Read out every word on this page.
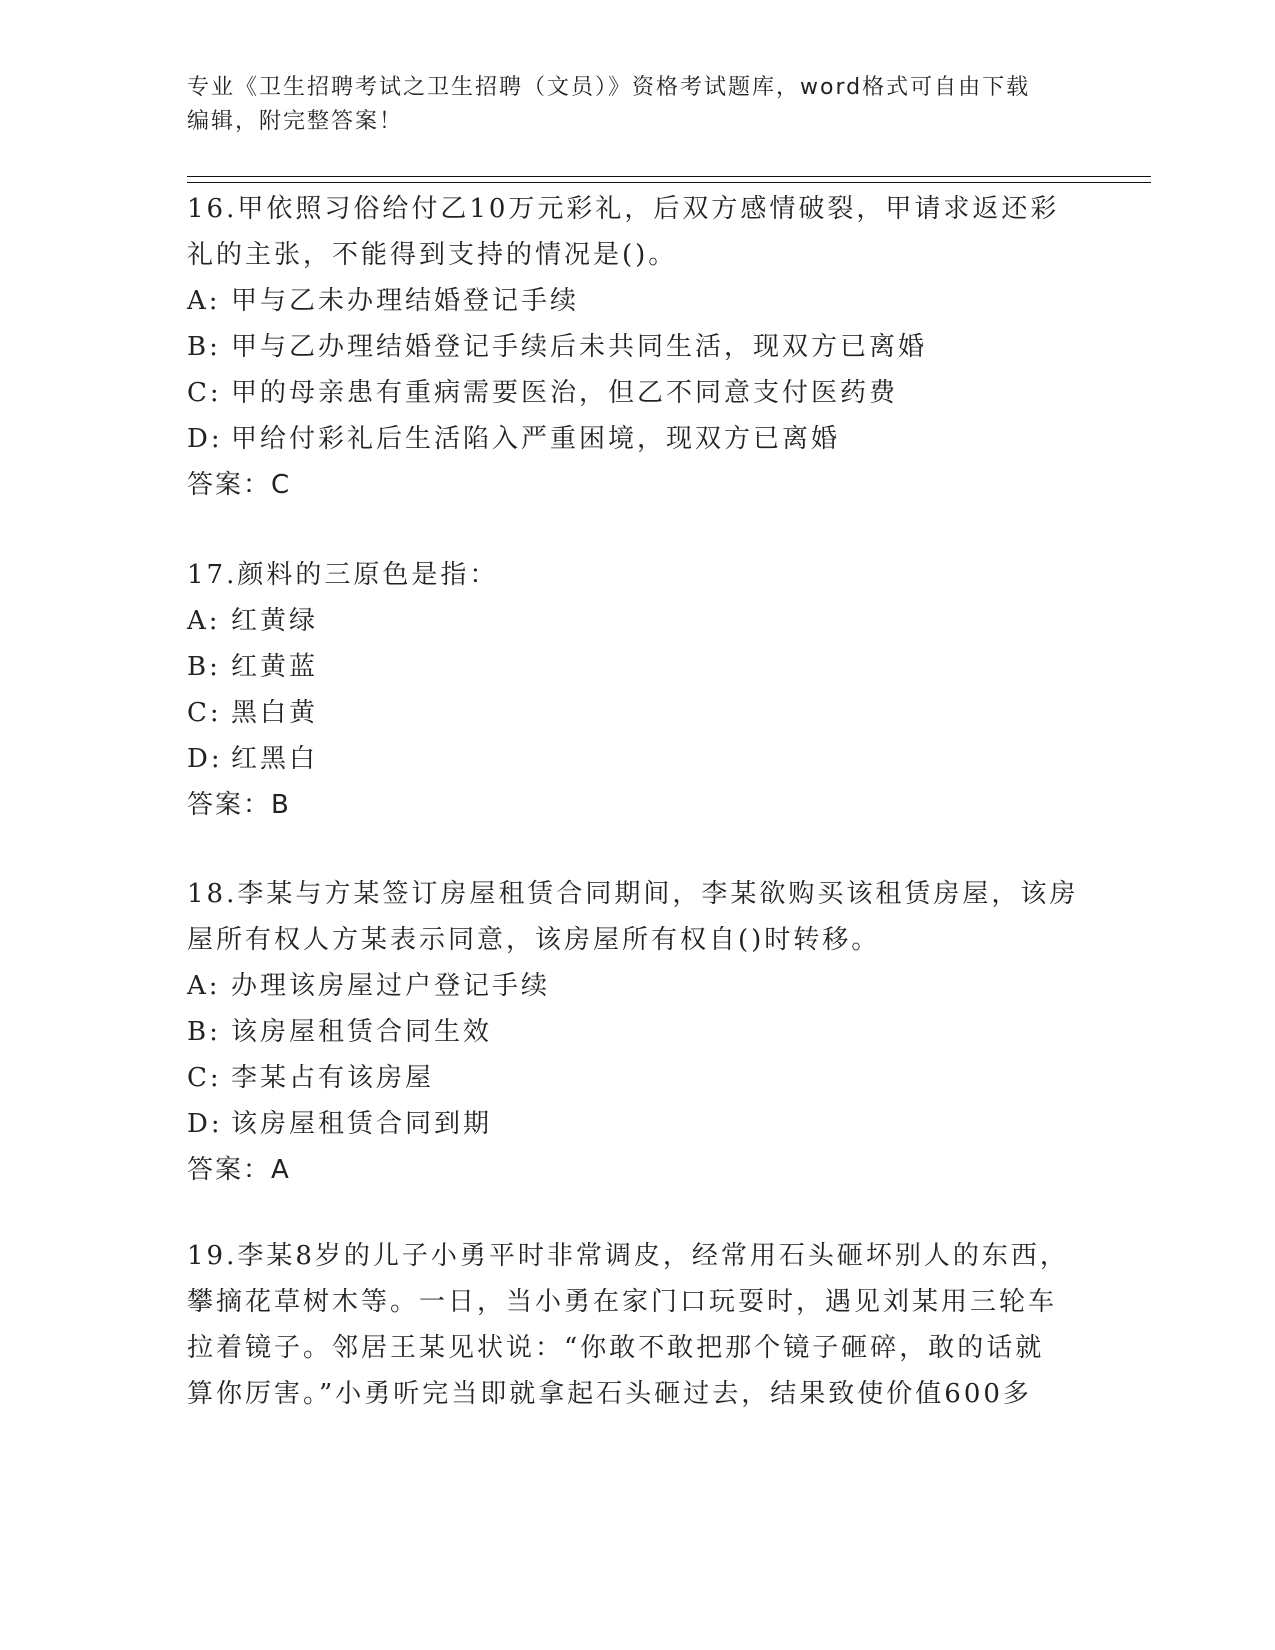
专业《卫生招聘考试之卫生招聘（文员）》资格考试题库，word格式可自由下载
编辑，附完整答案！

16.甲依照习俗给付乙10万元彩礼，后双方感情破裂，甲请求返还彩

礼的主张，不能得到支持的情况是()。

A: 甲与乙未办理结婚登记手续

B: 甲与乙办理结婚登记手续后未共同生活，现双方已离婚

C: 甲的母亲患有重病需要医治，但乙不同意支付医药费

D: 甲给付彩礼后生活陷入严重困境，现双方已离婚

答案：C

17.颜料的三原色是指：

A: 红黄绿

B: 红黄蓝

C: 黑白黄

D: 红黑白

答案：B

18.李某与方某签订房屋租赁合同期间，李某欲购买该租赁房屋，该房

屋所有权人方某表示同意，该房屋所有权自()时转移。

A: 办理该房屋过户登记手续

B: 该房屋租赁合同生效

C: 李某占有该房屋

D: 该房屋租赁合同到期

答案：A

19.李某8岁的儿子小勇平时非常调皮，经常用石头砸坏别人的东西，

攀摘花草树木等。一日，当小勇在家门口玩耍时，遇见刘某用三轮车

拉着镜子。邻居王某见状说：“你敢不敢把那个镜子砸碎，敢的话就

算你厉害。”小勇听完当即就拿起石头砸过去，结果致使价值600多
